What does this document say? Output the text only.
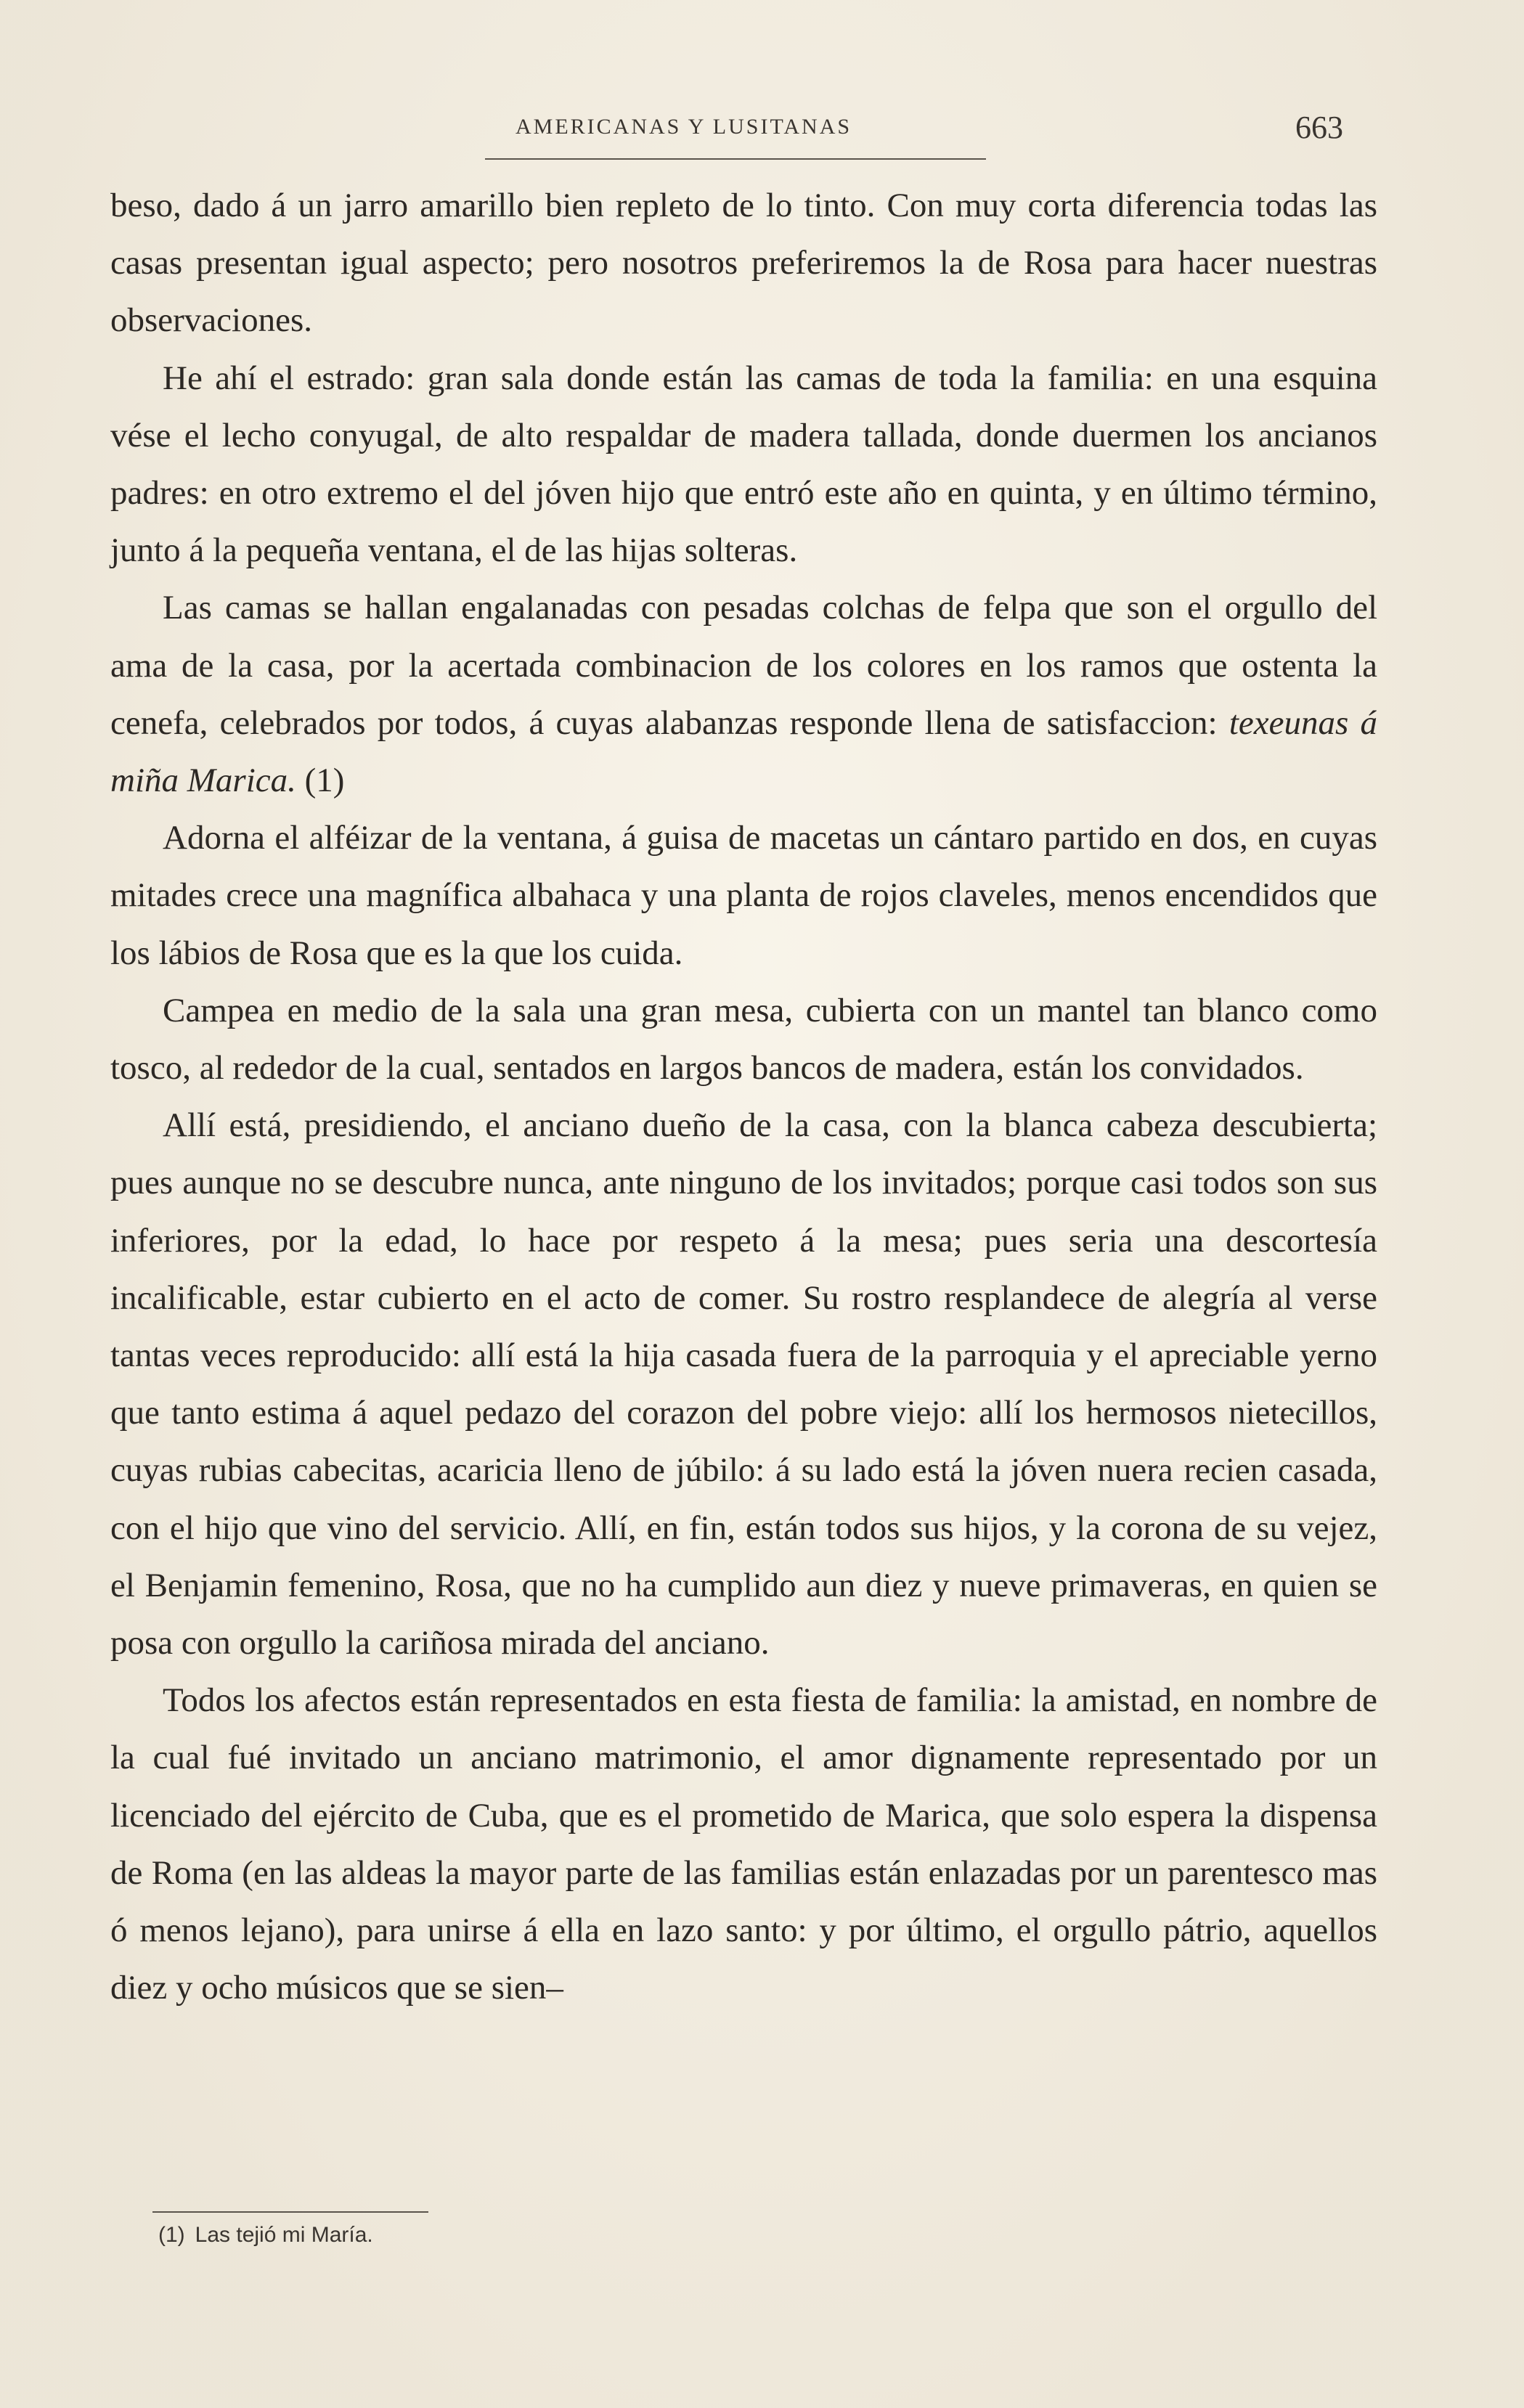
AMERICANAS Y LUSITANAS	663

beso, dado á un jarro amarillo bien repleto de lo tinto. Con muy corta diferencia todas las casas presentan igual aspecto; pero nosotros preferiremos la de Rosa para hacer nuestras observaciones.

He ahí el estrado: gran sala donde están las camas de toda la familia: en una esquina vése el lecho conyugal, de alto respaldar de madera tallada, donde duermen los ancianos padres: en otro extremo el del jóven hijo que entró este año en quinta, y en último término, junto á la pequeña ventana, el de las hijas solteras.

Las camas se hallan engalanadas con pesadas colchas de felpa que son el orgullo del ama de la casa, por la acertada combinacion de los colores en los ramos que ostenta la cenefa, celebrados por todos, á cuyas alabanzas responde llena de satisfaccion: texeunas á miña Marica. (1)

Adorna el alféizar de la ventana, á guisa de macetas un cántaro partido en dos, en cuyas mitades crece una magnífica albahaca y una planta de rojos claveles, menos encendidos que los lábios de Rosa que es la que los cuida.

Campea en medio de la sala una gran mesa, cubierta con un mantel tan blanco como tosco, al rededor de la cual, sentados en largos bancos de madera, están los convidados.

Allí está, presidiendo, el anciano dueño de la casa, con la blanca cabeza descubierta; pues aunque no se descubre nunca, ante ninguno de los invitados; porque casi todos son sus inferiores, por la edad, lo hace por respeto á la mesa; pues seria una descortesía incalificable, estar cubierto en el acto de comer. Su rostro resplandece de alegría al verse tantas veces reproducido: allí está la hija casada fuera de la parroquia y el apreciable yerno que tanto estima á aquel pedazo del corazon del pobre viejo: allí los hermosos nietecillos, cuyas rubias cabecitas, acaricia lleno de júbilo: á su lado está la jóven nuera recien casada, con el hijo que vino del servicio. Allí, en fin, están todos sus hijos, y la corona de su vejez, el Benjamin femenino, Rosa, que no ha cumplido aun diez y nueve primaveras, en quien se posa con orgullo la cariñosa mirada del anciano.

Todos los afectos están representados en esta fiesta de familia: la amistad, en nombre de la cual fué invitado un anciano matrimonio, el amor dignamente representado por un licenciado del ejército de Cuba, que es el prometido de Marica, que solo espera la dispensa de Roma (en las aldeas la mayor parte de las familias están enlazadas por un parentesco mas ó menos lejano), para unirse á ella en lazo santo: y por último, el orgullo pátrio, aquellos diez y ocho músicos que se sien–

(1) Las tejió mi María.
